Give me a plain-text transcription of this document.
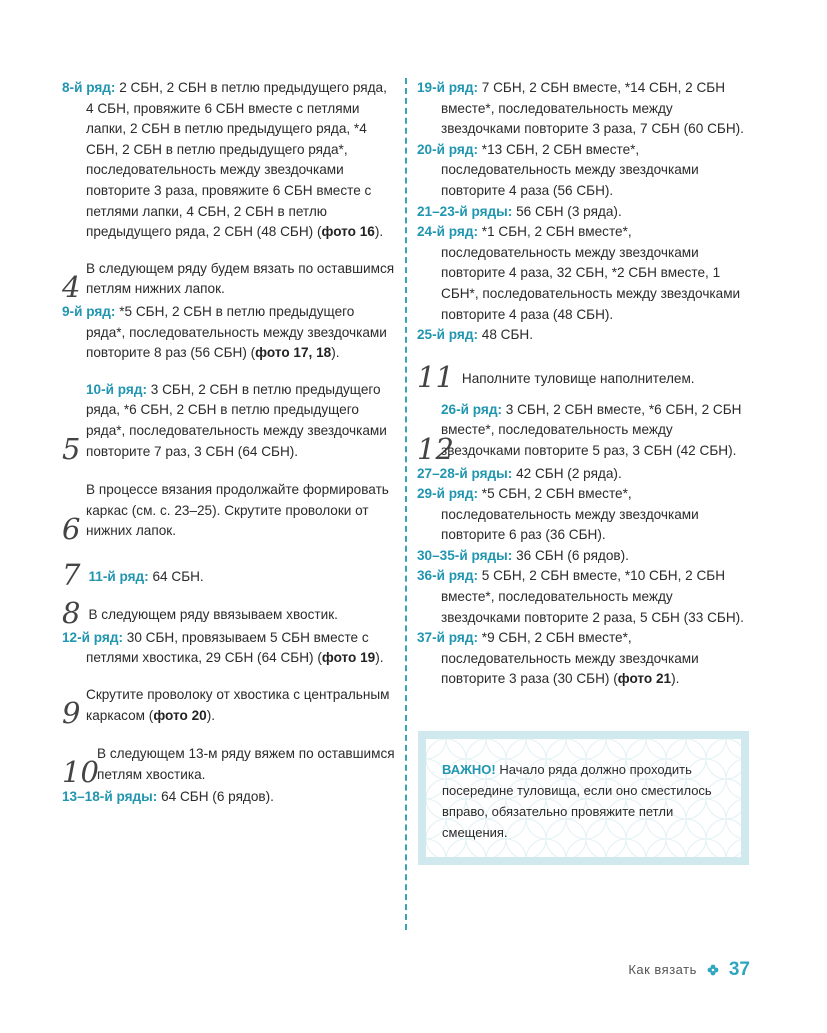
8-й ряд: 2 СБН, 2 СБН в петлю предыдущего ряда, 4 СБН, провяжите 6 СБН вместе с петлями лапки, 2 СБН в петлю предыдущего ряда, *4 СБН, 2 СБН в петлю предыдущего ряда*, последовательность между звездочками повторите 3 раза, провяжите 6 СБН вместе с петлями лапки, 4 СБН, 2 СБН в петлю предыдущего ряда, 2 СБН (48 СБН) (фото 16).

4
В следующем ряду будем вязать по оставшимся петлям нижних лапок.

9-й ряд: *5 СБН, 2 СБН в петлю предыдущего ряда*, последовательность между звездочками повторите 8 раз (56 СБН) (фото 17, 18).

5
10-й ряд: 3 СБН, 2 СБН в петлю предыдущего ряда, *6 СБН, 2 СБН в петлю предыдущего ряда*, последовательность между звездочками повторите 7 раз, 3 СБН (64 СБН).
6
В процессе вязания продолжайте формировать каркас (см. с. 23–25). Скрутите проволоки от нижних лапок.
7 11-й ряд: 64 СБН.
8 В следующем ряду ввязываем хвостик.

12-й ряд: 30 СБН, провязываем 5 СБН вместе с петлями хвостика, 29 СБН (64 СБН) (фото 19).

9
Скрутите проволоку от хвостика с центральным каркасом (фото 20).
10
В следующем 13-м ряду вяжем по оставшимся петлям хвостика.

13–18-й ряды: 64 СБН (6 рядов).

19-й ряд: 7 СБН, 2 СБН вместе, *14 СБН, 2 СБН вместе*, последовательность между звездочками повторите 3 раза, 7 СБН (60 СБН).

20-й ряд: *13 СБН, 2 СБН вместе*, последовательность между звездочками повторите 4 раза (56 СБН).

21–23-й ряды: 56 СБН (3 ряда).

24-й ряд: *1 СБН, 2 СБН вместе*, последовательность между звездочками повторите 4 раза, 32 СБН, *2 СБН вместе, 1 СБН*, последовательность между звездочками повторите 4 раза (48 СБН).

25-й ряд: 48 СБН.

11 Наполните туловище наполнителем.
12
26-й ряд: 3 СБН, 2 СБН вместе, *6 СБН, 2 СБН вместе*, последовательность между звездочками повторите 5 раз, 3 СБН (42 СБН).

27–28-й ряды: 42 СБН (2 ряда).

29-й ряд: *5 СБН, 2 СБН вместе*, последовательность между звездочками повторите 6 раз (36 СБН).

30–35-й ряды: 36 СБН (6 рядов).

36-й ряд: 5 СБН, 2 СБН вместе, *10 СБН, 2 СБН вместе*, последовательность между звездочками повторите 2 раза, 5 СБН (33 СБН).

37-й ряд: *9 СБН, 2 СБН вместе*, последовательность между звездочками повторите 3 раза (30 СБН) (фото 21).

ВАЖНО! Начало ряда должно проходить посередине туловища, если оно сместилось вправо, обязательно провяжите петли смещения.
Как вязать 37
